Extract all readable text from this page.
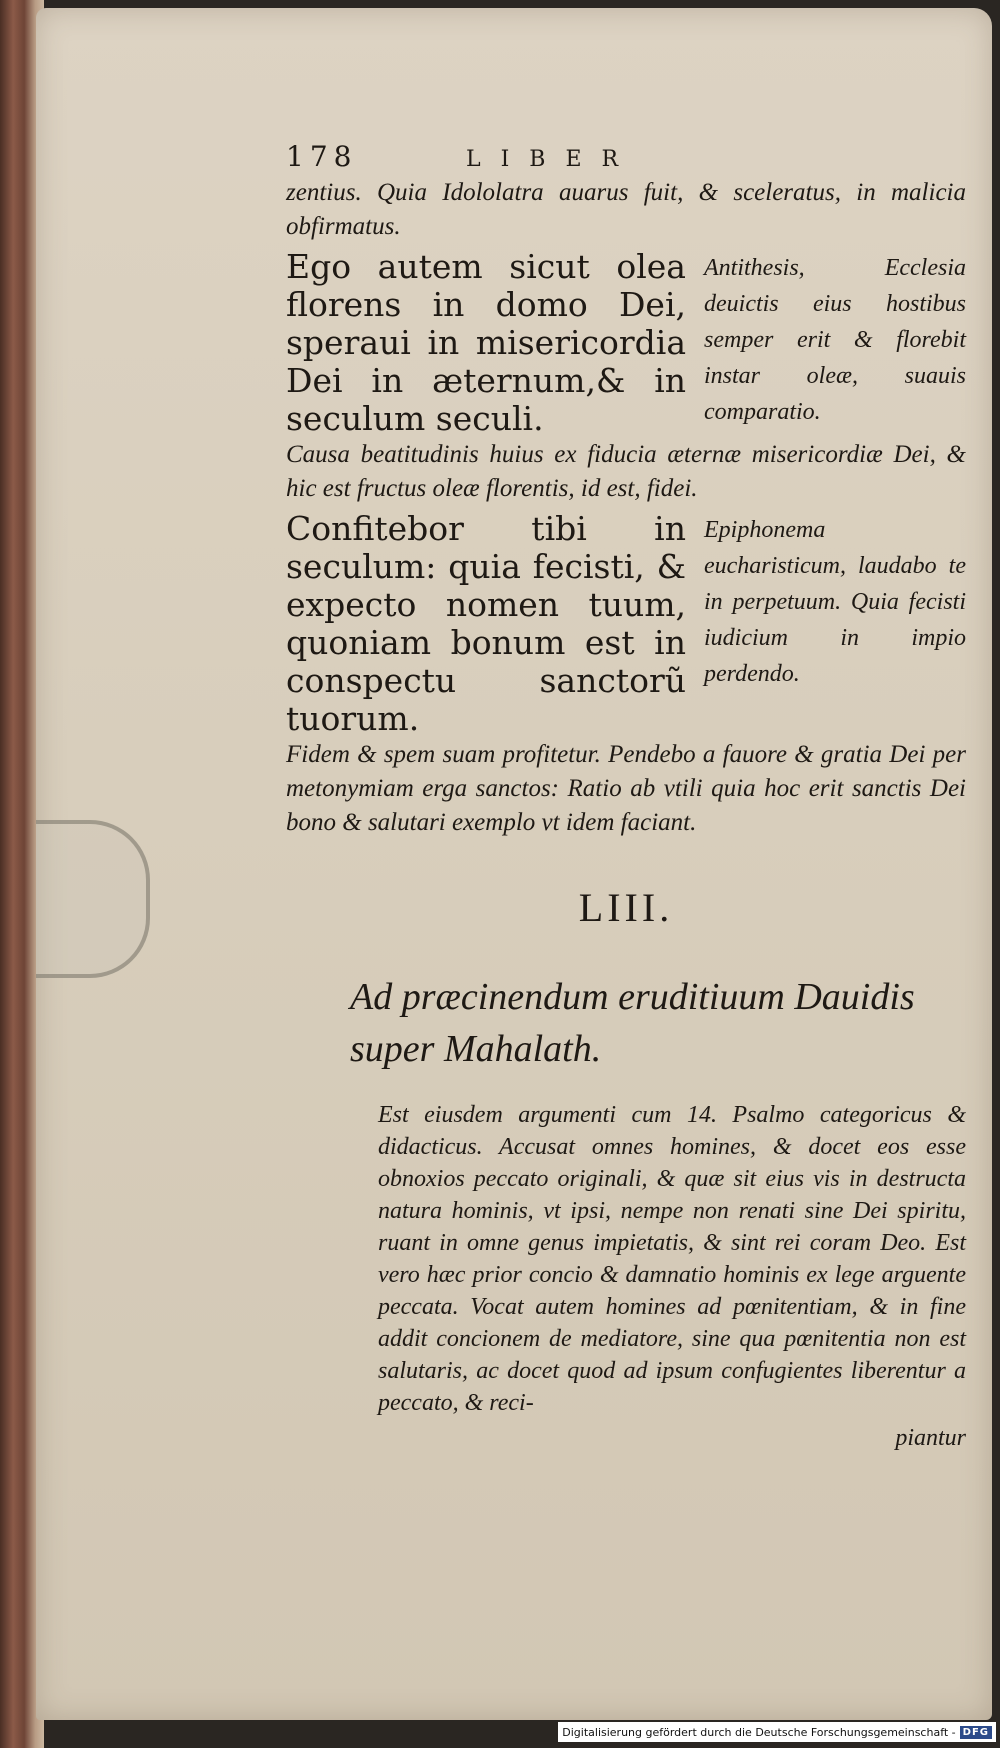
178	LIBER
zentius. Quia Idololatra auarus fuit, & sceleratus, in malicia obfirmatus.
Ego autem sicut olea florens in domo Dei, speraui in misericordia Dei in æternum,& in seculum seculi.
Antithesis, Ecclesia deuictis eius hostibus semper erit & florebit instar oleæ, suauis comparatio.
Causa beatitudinis huius ex fiducia æternæ misericordiæ Dei, & hic est fructus oleæ florentis, id est, fidei.
Confitebor tibi in seculum: quia fecisti, & expecto nomen tuum, quoniam bonum est in conspectu sanctorũ tuorum.
Epiphonema eucharisticum, laudabo te in perpetuum. Quia fecisti iudicium in impio perdendo.
Fidem & spem suam profitetur. Pendebo a fauore & gratia Dei per metonymiam erga sanctos: Ratio ab vtili quia hoc erit sanctis Dei bono & salutari exemplo vt idem faciant.
LIII.
Ad præcinendum eruditiuum Dauidis super Mahalath.
Est eiusdem argumenti cum 14. Psalmo categoricus & didacticus. Accusat omnes homines, & docet eos esse obnoxios peccato originali, & quæ sit eius vis in destructa natura hominis, vt ipsi, nempe non renati sine Dei spiritu, ruant in omne genus impietatis, & sint rei coram Deo. Est vero hæc prior concio & damnatio hominis ex lege arguente peccata. Vocat autem homines ad pœnitentiam, & in fine addit concionem de mediatore, sine qua pœnitentia non est salutaris, ac docet quod ad ipsum confugientes liberentur a peccato, & reci-
piantur
Digitalisierung gefördert durch die Deutsche Forschungsgemeinschaft - DFG
